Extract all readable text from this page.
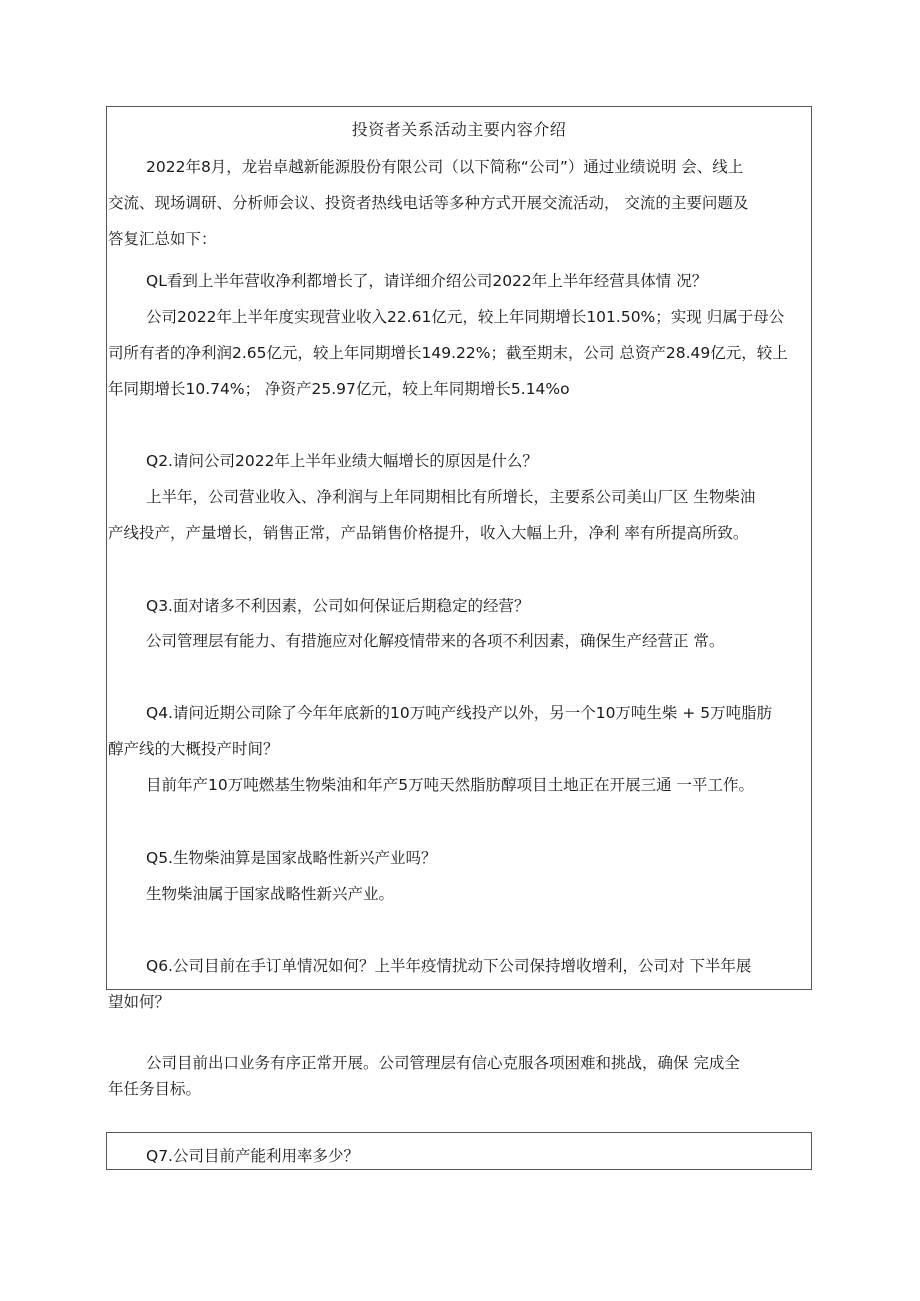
投资者关系活动主要内容介绍
2022年8月，龙岩卓越新能源股份有限公司（以下简称“公司”）通过业绩说明 会、线上
交流、现场调研、分析师会议、投资者热线电话等多种方式开展交流活动， 交流的主要问题及
答复汇总如下：
QL看到上半年营收净利都增长了，请详细介绍公司2022年上半年经营具体情 况？
公司2022年上半年度实现营业收入22.61亿元，较上年同期增长101.50%；实现 归属于母公
司所有者的净利润2.65亿元，较上年同期增长149.22%；截至期末，公司 总资产28.49亿元，较上
年同期增长10.74%； 净资产25.97亿元，较上年同期增长5.14%o
Q2.请问公司2022年上半年业绩大幅增长的原因是什么？
上半年，公司营业收入、净利润与上年同期相比有所增长，主要系公司美山厂区 生物柴油
产线投产，产量增长，销售正常，产品销售价格提升，收入大幅上升，净利 率有所提高所致。
Q3.面对诸多不利因素，公司如何保证后期稳定的经营？
公司管理层有能力、有措施应对化解疫情带来的各项不利因素，确保生产经营正 常。
Q4.请问近期公司除了今年年底新的10万吨产线投产以外，另一个10万吨生柴 + 5万吨脂肪
醇产线的大概投产时间？
目前年产10万吨燃基生物柴油和年产5万吨天然脂肪醇项目土地正在开展三通 一平工作。
Q5.生物柴油算是国家战略性新兴产业吗？
生物柴油属于国家战略性新兴产业。
Q6.公司目前在手订单情况如何？上半年疫情扰动下公司保持增收增利，公司对 下半年展
望如何？
公司目前出口业务有序正常开展。公司管理层有信心克服各项困难和挑战，确保 完成全
年任务目标。
Q7.公司目前产能利用率多少？
